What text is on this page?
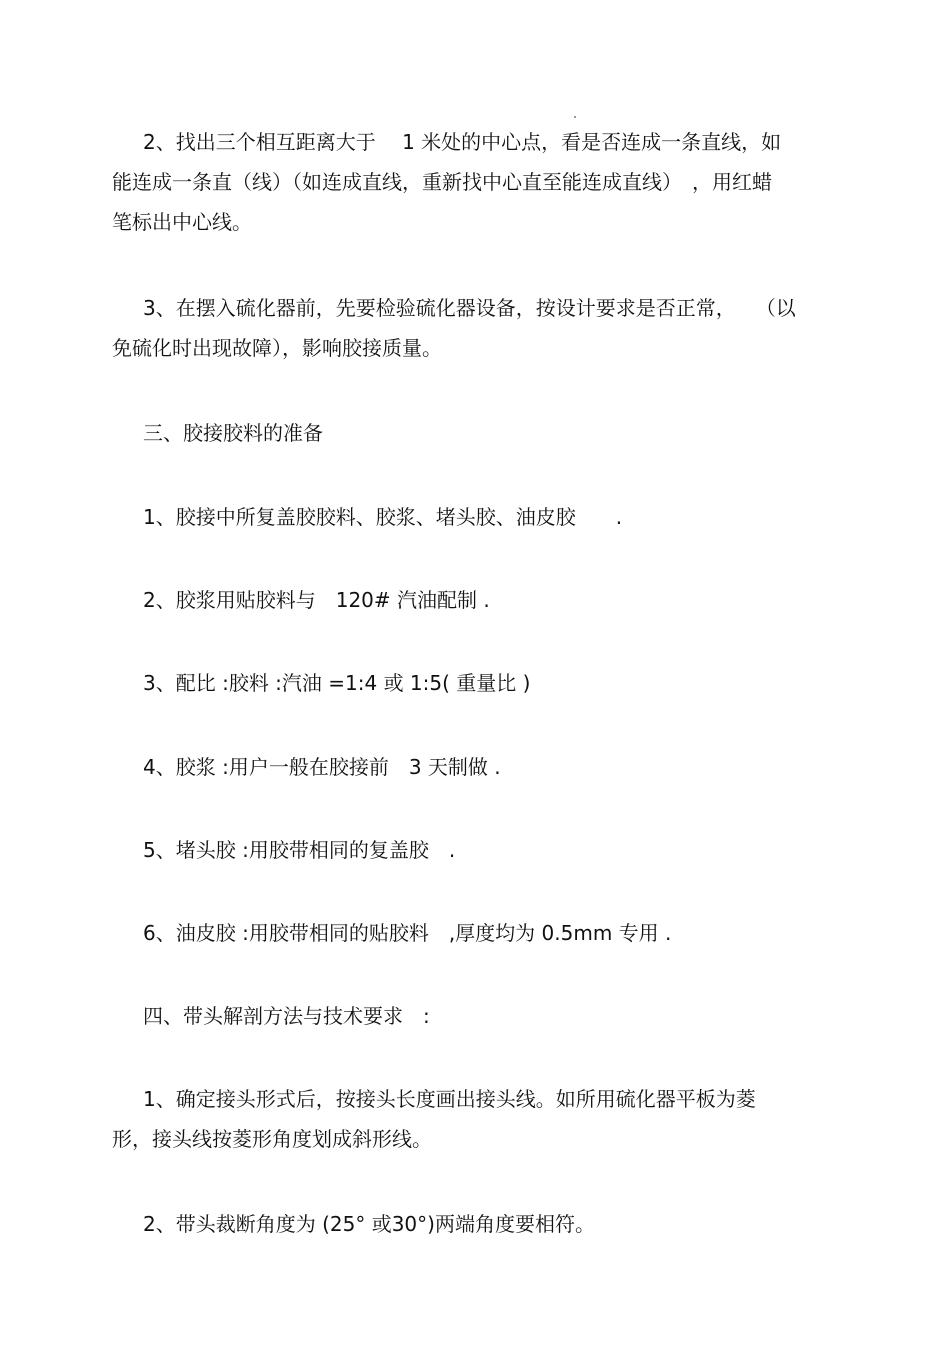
2、找出三个相互距离大于　 1 米处的中心点，看是否连成一条直线，如
能连成一条直（线）（如连成直线，重新找中心直至能连成直线）　，用红蜡
笔标出中心线。
3、在摆入硫化器前，先要检验硫化器设备，按设计要求是否正常，　　（以
免硫化时出现故障），影响胶接质量。
三、胶接胶料的准备
1、胶接中所复盖胶胶料、胶浆、堵头胶、油皮胶　　.
2、胶浆用贴胶料与　120# 汽油配制 .
3、配比 :胶料 :汽油 =1:4 或 1:5( 重量比 )
4、胶浆 :用户一般在胶接前　3 天制做 .
5、堵头胶 :用胶带相同的复盖胶　.
6、油皮胶 :用胶带相同的贴胶料　,厚度均为 0.5mm 专用 .
四、带头解剖方法与技术要求　:
1、确定接头形式后，按接头长度画出接头线。如所用硫化器平板为菱
形，接头线按菱形角度划成斜形线。
2、带头裁断角度为 (25° 或30°)两端角度要相符。
